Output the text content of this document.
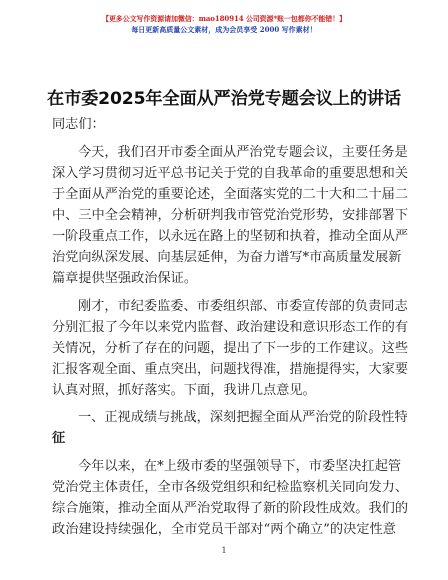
【更多公文写作资源请加微信：mao180914 公司资源*账一包都你不能错！】
每日更新高质量公文素材，成为会员享受 2000 写作素材！
在市委2025年全面从严治党专题会议上的讲话
同志们：
今天，我们召开市委全面从严治党专题会议，主要任务是
深入学习贯彻习近平总书记关于党的自我革命的重要思想和关
于全面从严治党的重要论述，全面落实党的二十大和二十届二
中、三中全会精神，分析研判我市管党治党形势，安排部署下
一阶段重点工作，以永远在路上的坚韧和执着，推动全面从严
治党向纵深发展、向基层延伸，为奋力谱写*市高质量发展新
篇章提供坚强政治保证。
刚才，市纪委监委、市委组织部、市委宣传部的负责同志
分别汇报了今年以来党内监督、政治建设和意识形态工作的有
关情况，分析了存在的问题，提出了下一步的工作建议。这些
汇报客观全面、重点突出，问题找得准，措施提得实，大家要
认真对照，抓好落实。下面，我讲几点意见。
一、正视成绩与挑战，深刻把握全面从严治党的阶段性特
征
今年以来，在*上级市委的坚强领导下，市委坚决扛起管
党治党主体责任，全市各级党组织和纪检监察机关同向发力、
综合施策，推动全面从严治党取得了新的阶段性成效。我们的
政治建设持续强化，全市党员干部对“两个确立”的决定性意
1
